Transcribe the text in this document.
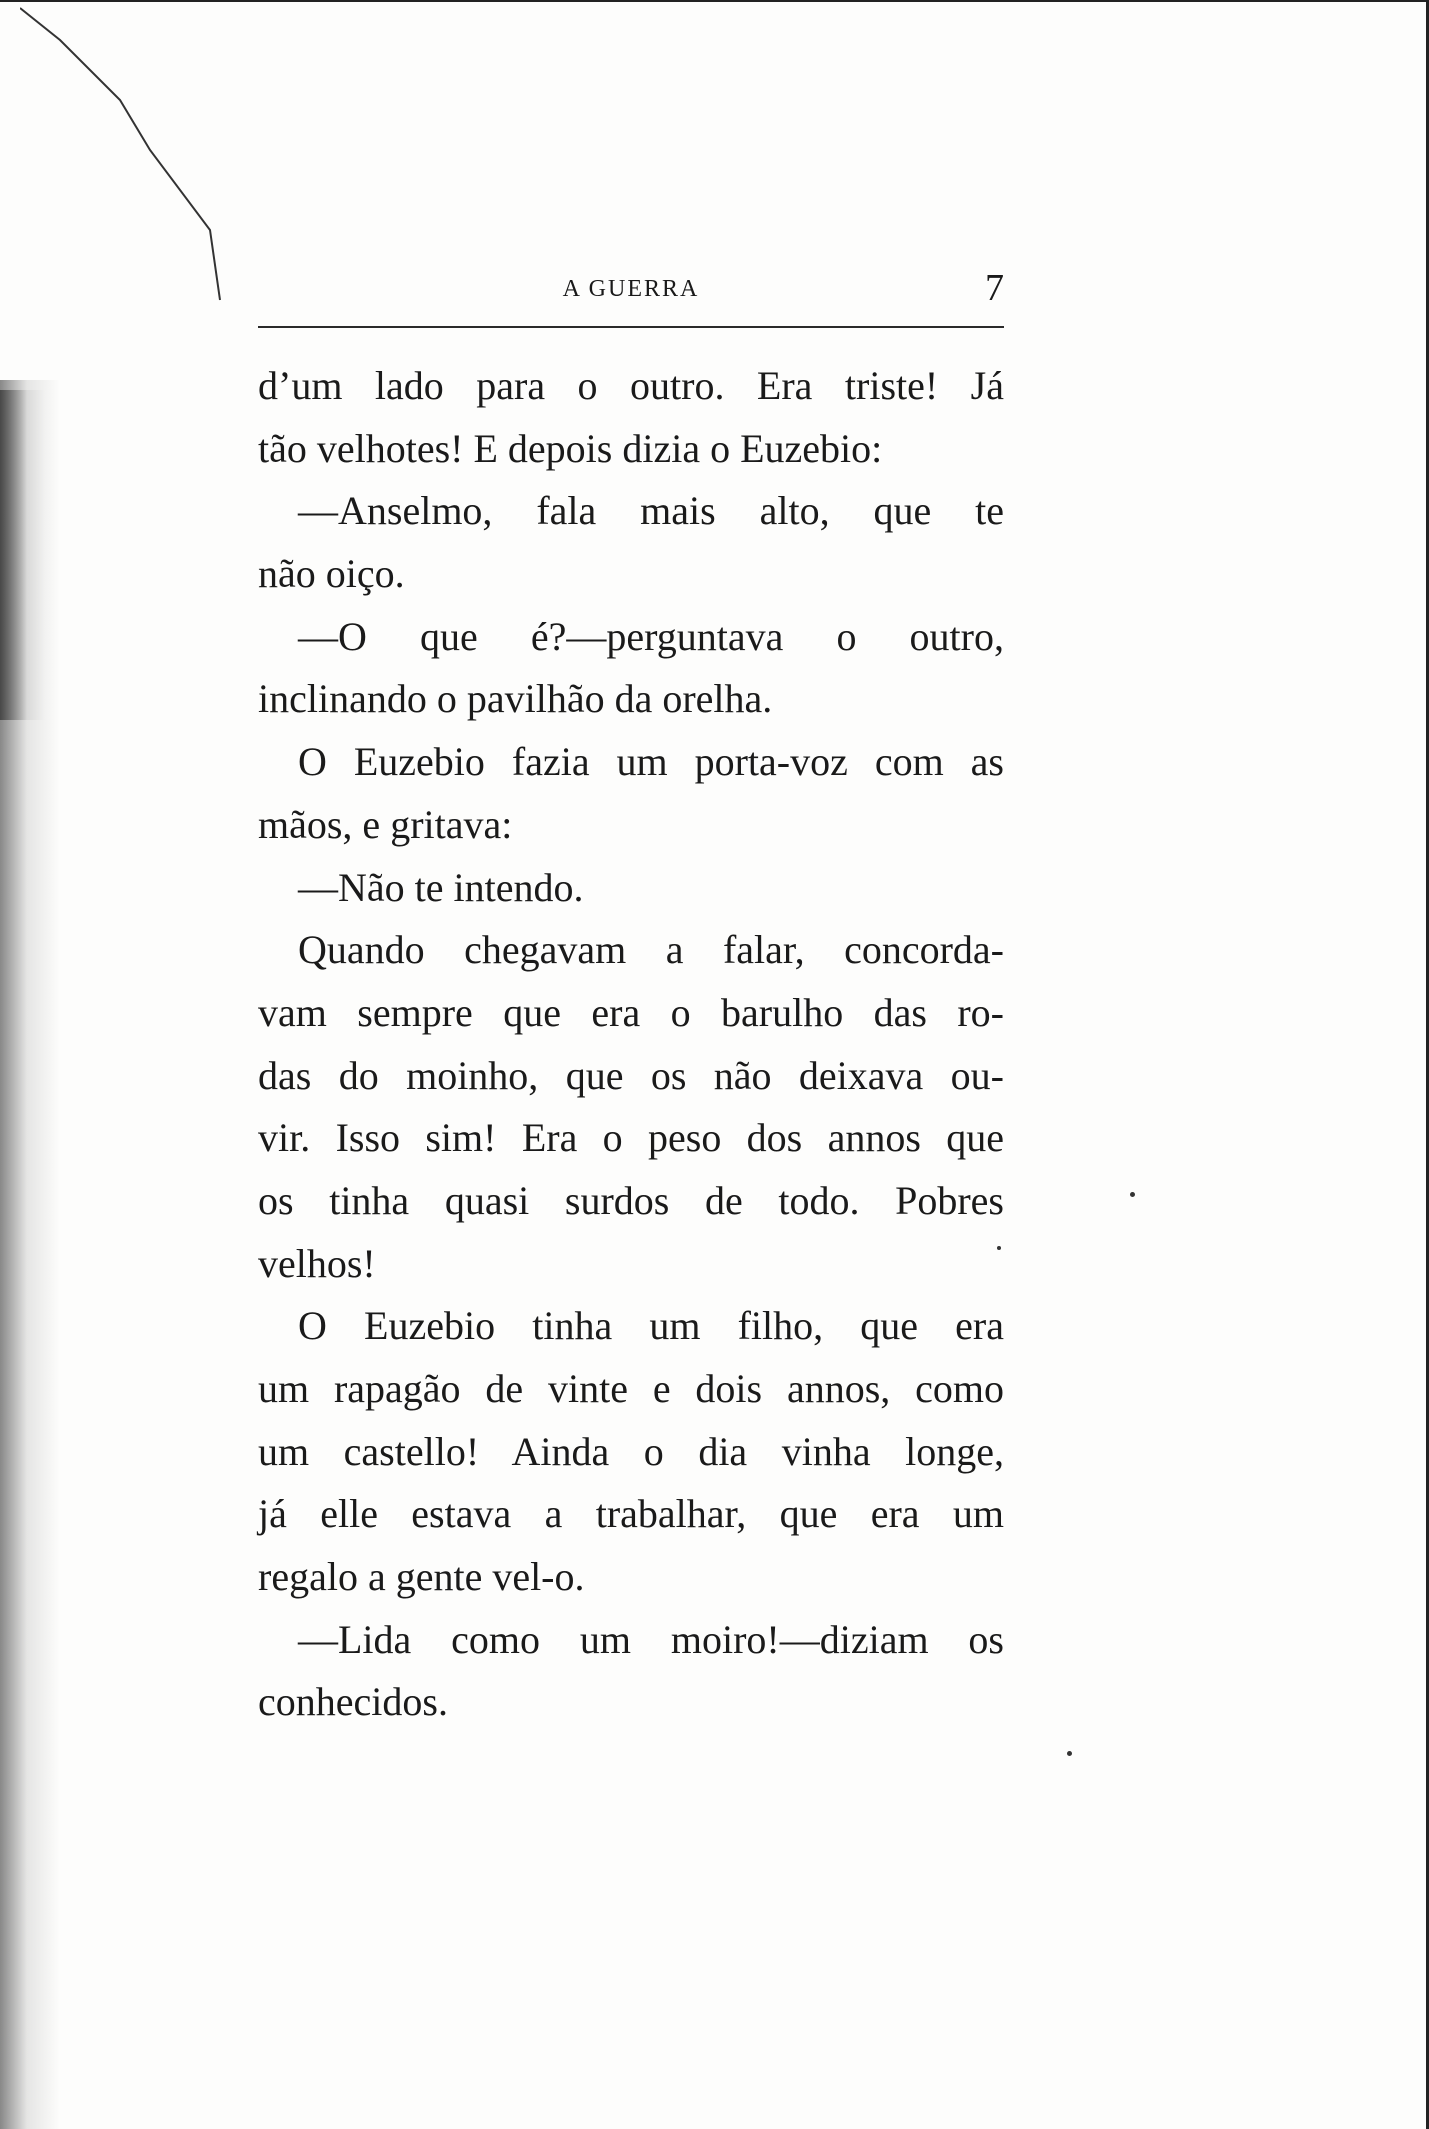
A GUERRA	7
d’um lado para o outro. Era triste! Já
tão velhotes! E depois dizia o Euzebio:
—Anselmo, fala mais alto, que te
não oiço.
—O que é?—perguntava o outro,
inclinando o pavilhão da orelha.
O Euzebio fazia um porta-voz com as
mãos, e gritava:
—Não te intendo.
Quando chegavam a falar, concorda-
vam sempre que era o barulho das ro-
das do moinho, que os não deixava ou-
vir. Isso sim! Era o peso dos annos que
os tinha quasi surdos de todo. Pobres
velhos!
O Euzebio tinha um filho, que era
um rapagão de vinte e dois annos, como
um castello! Ainda o dia vinha longe,
já elle estava a trabalhar, que era um
regalo a gente vel-o.
—Lida como um moiro!—diziam os
conhecidos.
